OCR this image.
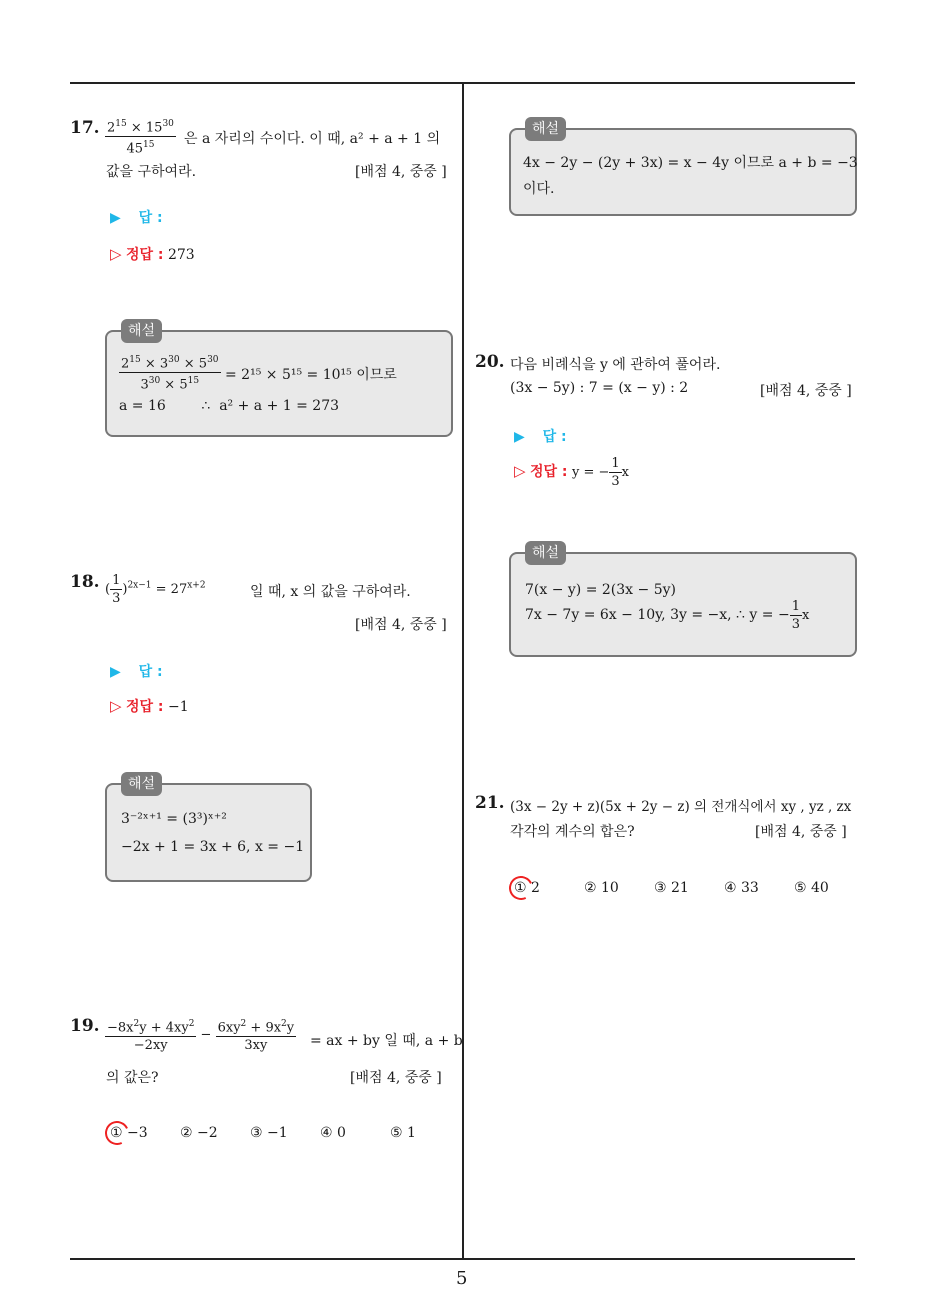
5
17. $\frac{2^{15} \times 15^{30}}{45^{15}}$ 은 a 자리의 수이다. 이 때, a² + a + 1 의
값을 구하여라.	[배점 4, 중중 ]
▶ 답 :
▷ 정답 : 273
해설
$\frac{2^{15} \times 3^{30} \times 5^{30}}{3^{30} \times 5^{15}} = 2^{15} \times 5^{15} = 10^{15}$ 이므로
a = 16        ∴  a² + a + 1 = 273
18. ( $\frac{1}{3} )^{2x-1} = 27^{x+2}$	일 때, x 의 값을 구하여라.
[배점 4, 중중 ]
▶ 답 :
▷ 정답 : −1
해설
3⁻²ˣ⁺¹ = (3³)ˣ⁺²
−2x + 1 = 3x + 6, x = −1
19. $\frac{-8x^2y + 4xy^2}{-2xy} - \frac{6xy^2 + 9x^2y}{3xy}$ = ax + by 일 때, a + b
의 값은?	[배점 4, 중중 ]
① −3 ② −2 ③ −1 ④ 0	⑤ 1
해설
4x − 2y − (2y + 3x) = x − 4y 이므로 a + b = −3
이다.
20. 다음 비례식을 y 에 관하여 풀어라.
(3x − 5y) : 7 = (x − y) : 2	[배점 4, 중중 ]
▶ 답 :
▷ 정답 : y = − $\frac{1}{3}$ x
해설
7(x − y) = 2(3x − 5y)
7x − 7y = 6x − 10y, 3y = −x, ∴ y = − $\frac{1}{3}$ x
21. (3x − 2y + z)(5x + 2y − z) 의 전개식에서 xy , yz , zx
각각의 계수의 합은?	[배점 4, 중중 ]
① 2	② 10	③ 21	④ 33	⑤ 40
